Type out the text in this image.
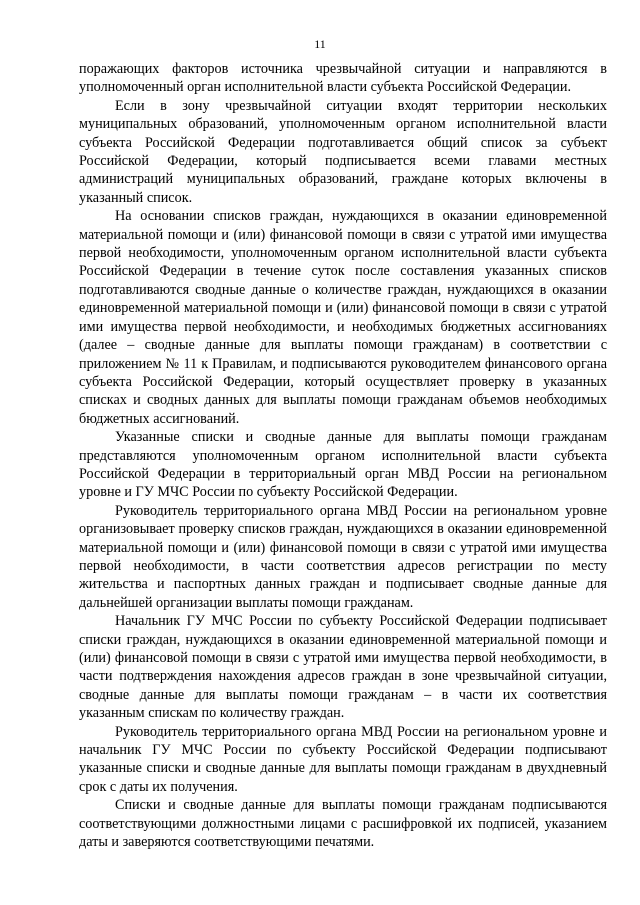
11

поражающих факторов источника чрезвычайной ситуации и направляются в уполномоченный орган исполнительной власти субъекта Российской Федерации.

Если в зону чрезвычайной ситуации входят территории нескольких муниципальных образований, уполномоченным органом исполнительной власти субъекта Российской Федерации подготавливается общий список за субъект Российской Федерации, который подписывается всеми главами местных администраций муниципальных образований, граждане которых включены в указанный список.

На основании списков граждан, нуждающихся в оказании единовременной материальной помощи и (или) финансовой помощи в связи с утратой ими имущества первой необходимости, уполномоченным органом исполнительной власти субъекта Российской Федерации в течение суток после составления указанных списков подготавливаются сводные данные о количестве граждан, нуждающихся в оказании единовременной материальной помощи и (или) финансовой помощи в связи с утратой ими имущества первой необходимости, и необходимых бюджетных ассигнованиях (далее – сводные данные для выплаты помощи гражданам) в соответствии с приложением № 11 к Правилам, и подписываются руководителем финансового органа субъекта Российской Федерации, который осуществляет проверку в указанных списках и сводных данных для выплаты помощи гражданам объемов необходимых бюджетных ассигнований.

Указанные списки и сводные данные для выплаты помощи гражданам представляются уполномоченным органом исполнительной власти субъекта Российской Федерации в территориальный орган МВД России на региональном уровне и ГУ МЧС России по субъекту Российской Федерации.

Руководитель территориального органа МВД России на региональном уровне организовывает проверку списков граждан, нуждающихся в оказании единовременной материальной помощи и (или) финансовой помощи в связи с утратой ими имущества первой необходимости, в части соответствия адресов регистрации по месту жительства и паспортных данных граждан и подписывает сводные данные для дальнейшей организации выплаты помощи гражданам.

Начальник ГУ МЧС России по субъекту Российской Федерации подписывает списки граждан, нуждающихся в оказании единовременной материальной помощи и (или) финансовой помощи в связи с утратой ими имущества первой необходимости, в части подтверждения нахождения адресов граждан в зоне чрезвычайной ситуации, сводные данные для выплаты помощи гражданам – в части их соответствия указанным спискам по количеству граждан.

Руководитель территориального органа МВД России на региональном уровне и начальник ГУ МЧС России по субъекту Российской Федерации подписывают указанные списки и сводные данные для выплаты помощи гражданам в двухдневный срок с даты их получения.

Списки и сводные данные для выплаты помощи гражданам подписываются соответствующими должностными лицами с расшифровкой их подписей, указанием даты и заверяются соответствующими печатями.
